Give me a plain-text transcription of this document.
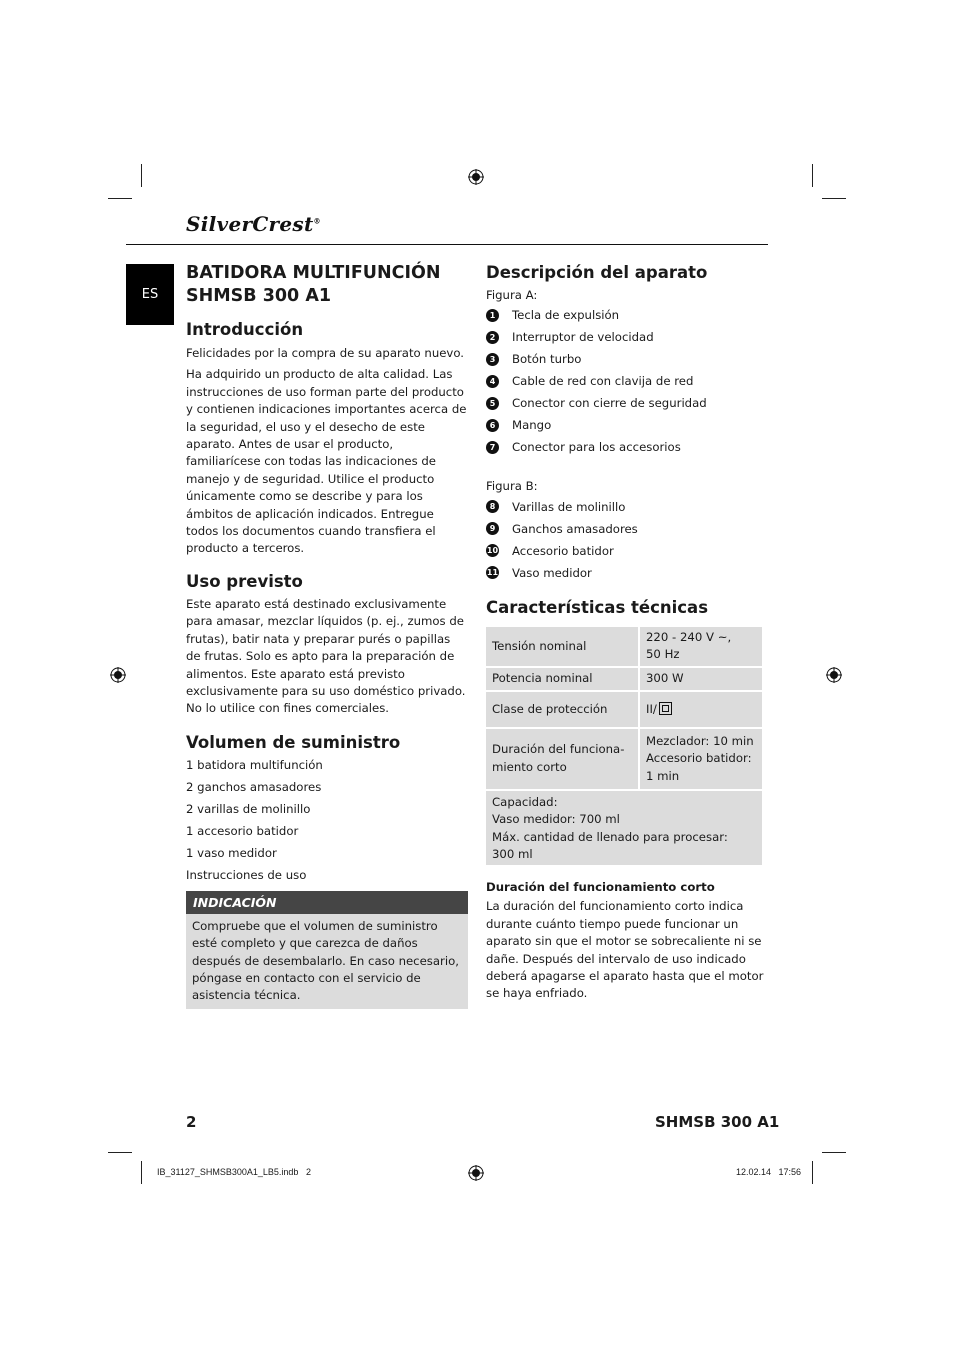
SilverCrest®
ES
BATIDORA MULTIFUNCIÓN
SHMSB 300 A1
Introducción

Felicidades por la compra de su aparato nuevo.

Ha adquirido un producto de alta calidad. Las instrucciones de uso forman parte del producto y contienen indicaciones importantes acerca de la seguridad, el uso y el desecho de este aparato. Antes de usar el producto, familiarícese con todas las indicaciones de manejo y de seguridad. Utilice el producto únicamente como se describe y para los ámbitos de aplicación indicados. Entregue todos los documentos cuando transfiera el producto a terceros.

Uso previsto

Este aparato está destinado exclusivamente para amasar, mezclar líquidos (p. ej., zumos de frutas), batir nata y preparar purés o papillas de frutas. Solo es apto para la preparación de alimentos. Este aparato está previsto exclusivamente para su uso doméstico privado. No lo utilice con fines comerciales.

Volumen de suministro
1 batidora multifunción
2 ganchos amasadores
2 varillas de molinillo
1 accesorio batidor
1 vaso medidor
Instrucciones de uso
INDICACIÓN

Compruebe que el volumen de suministro esté completo y que carezca de daños después de desembalarlo. En caso necesario, póngase en contacto con el servicio de asistencia técnica.

Descripción del aparato

Figura A:

1	Tecla de expulsión
2	Interruptor de velocidad
3	Botón turbo
4	Cable de red con clavija de red
5	Conector con cierre de seguridad
6	Mango
7	Conector para los accesorios

Figura B:

8	Varillas de molinillo
9	Ganchos amasadores
10 Accesorio batidor
11 Vaso medidor
Características técnicas
Tensión nominal	220 - 240 V ~,
50 Hz
Potencia nominal	300 W
Clase de protección	II/

Duración del funciona-
miento corto	Mezclador: 10 min
Accesorio batidor:
1 min
Capacidad:
Vaso medidor: 700 ml
Máx. cantidad de llenado para procesar:
300 ml	
Duración del funcionamiento corto

La duración del funcionamiento corto indica durante cuánto tiempo puede funcionar un aparato sin que el motor se sobrecaliente ni se dañe. Después del intervalo de uso indicado deberá apagarse el aparato hasta que el motor se haya enfriado.

2	SHMSB 300 A1
IB_31127_SHMSB300A1_LB5.indb   2	12.02.14   17:56
